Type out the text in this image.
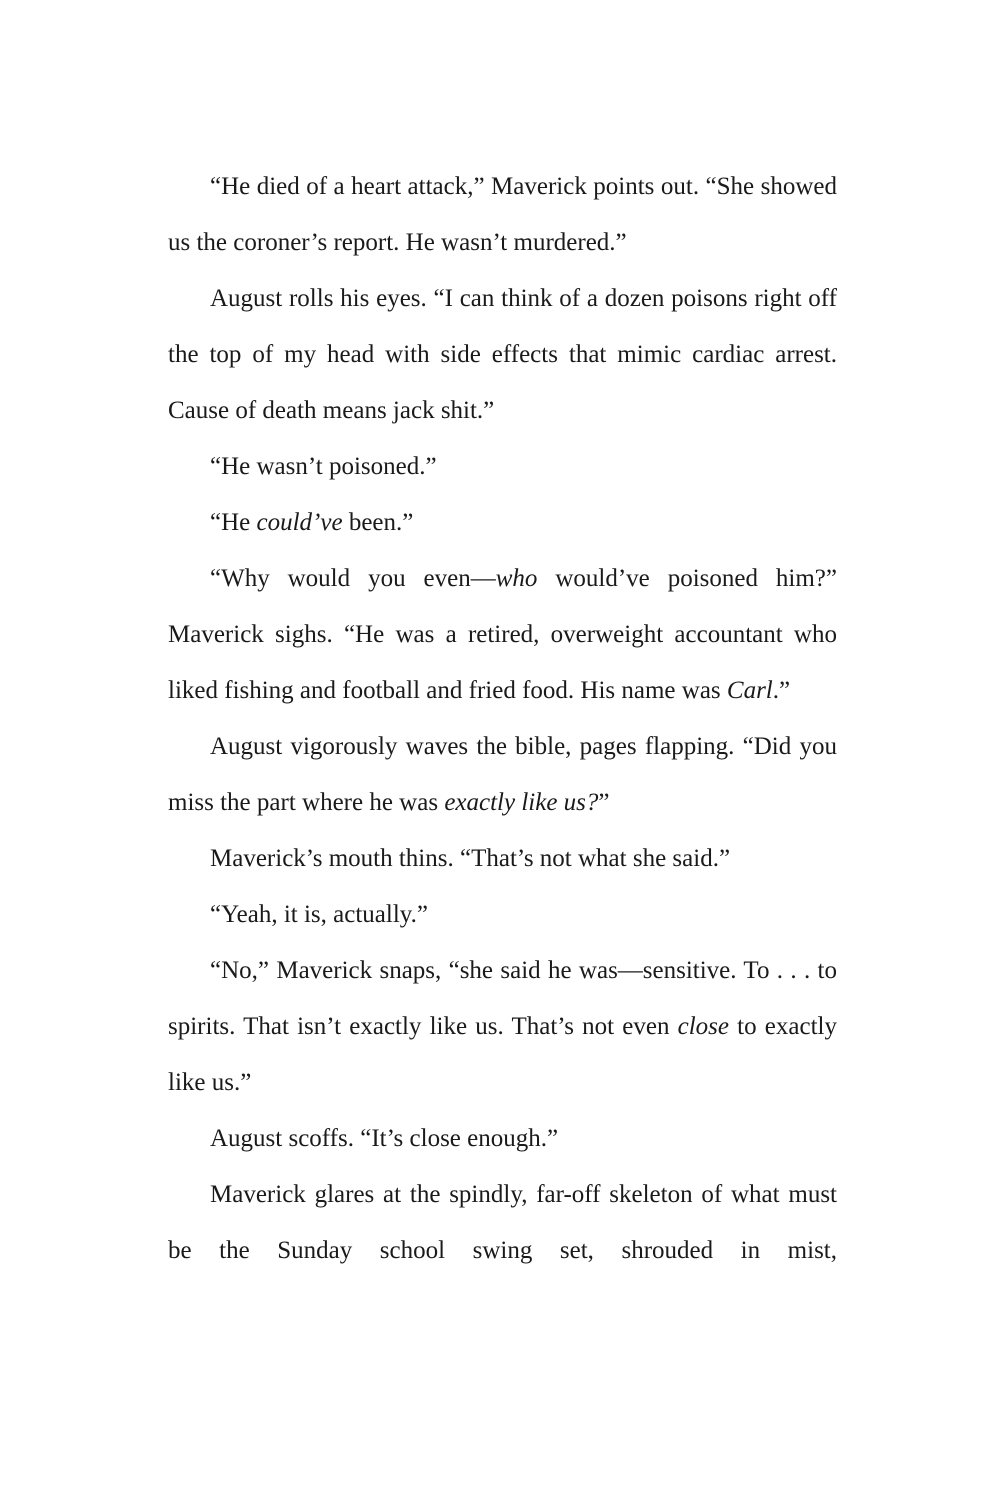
“He died of a heart attack,” Maverick points out. “She showed us the coroner’s report. He wasn’t murdered.”

August rolls his eyes. “I can think of a dozen poisons right off the top of my head with side effects that mimic cardiac arrest. Cause of death means jack shit.”

“He wasn’t poisoned.”

“He could’ve been.”

“Why would you even—who would’ve poisoned him?” Maverick sighs. “He was a retired, overweight accountant who liked fishing and football and fried food. His name was Carl.”

August vigorously waves the bible, pages flapping. “Did you miss the part where he was exactly like us?”

Maverick’s mouth thins. “That’s not what she said.”

“Yeah, it is, actually.”

“No,” Maverick snaps, “she said he was—sensitive. To . . . to spirits. That isn’t exactly like us. That’s not even close to exactly like us.”

August scoffs. “It’s close enough.”

Maverick glares at the spindly, far-off skeleton of what must be the Sunday school swing set, shrouded in mist,
